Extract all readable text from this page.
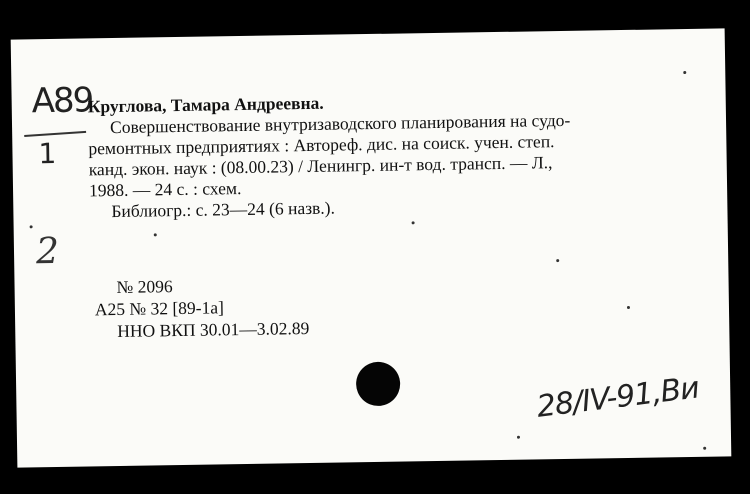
А89
1
Круглова, Тамара Андреевна.
Совершенствование внутризаводского планирования на судо-
ремонтных предприятиях : Автореф. дис. на соиск. учен. степ.
канд. экон. наук : (08.00.23) / Ленингр. ин-т вод. трансп. — Л.,
1988. — 24 с. : схем.
Библиогр.: с. 23—24 (6 назв.).
2
№ 2096
А25 № 32 [89-1а]
ННО ВКП 30.01—3.02.89
28/IV-91,Ви
